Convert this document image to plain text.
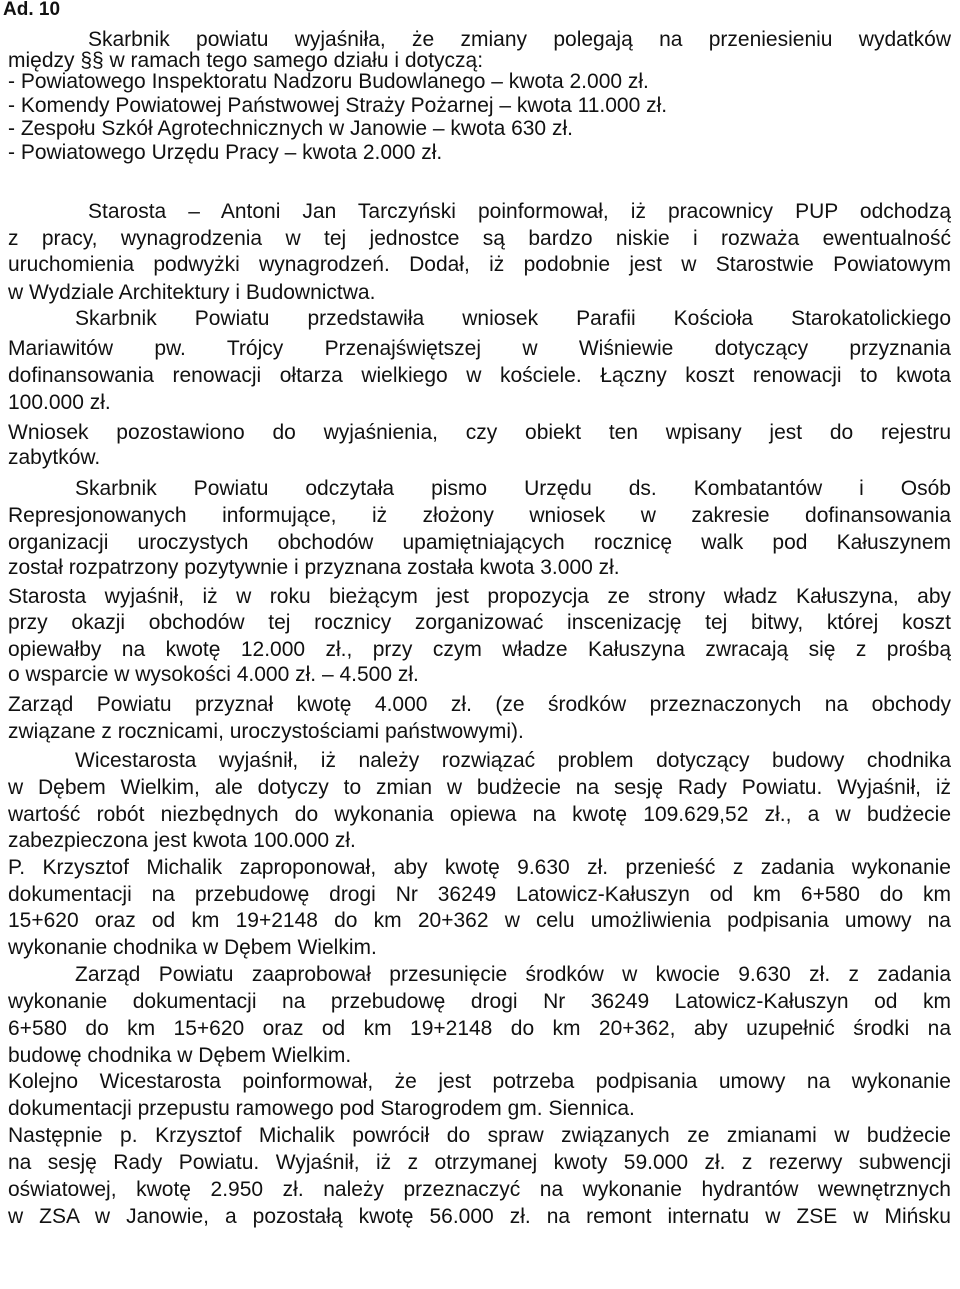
Ad. 10
Skarbnik powiatu wyjaśniła, że zmiany polegają na przeniesieniu wydatków
między §§ w ramach tego samego działu i dotyczą:
- Powiatowego Inspektoratu Nadzoru Budowlanego – kwota 2.000 zł.
- Komendy Powiatowej Państwowej Straży Pożarnej – kwota 11.000 zł.
- Zespołu Szkół Agrotechnicznych w Janowie – kwota 630 zł.
- Powiatowego Urzędu Pracy – kwota 2.000 zł.
Starosta – Antoni Jan Tarczyński poinformował, iż pracownicy PUP odchodzą
z pracy, wynagrodzenia w tej jednostce są bardzo niskie i rozważa ewentualność
uruchomienia podwyżki wynagrodzeń. Dodał, iż podobnie jest w Starostwie Powiatowym
w Wydziale Architektury i Budownictwa.
Skarbnik Powiatu przedstawiła wniosek Parafii Kościoła Starokatolickiego
Mariawitów pw. Trójcy Przenajświętszej w Wiśniewie dotyczący przyznania
dofinansowania renowacji ołtarza wielkiego w kościele. Łączny koszt renowacji to kwota
100.000 zł.
Wniosek pozostawiono do wyjaśnienia, czy obiekt ten wpisany jest do rejestru
zabytków.
Skarbnik Powiatu odczytała pismo Urzędu ds. Kombatantów i Osób
Represjonowanych informujące, iż złożony wniosek w zakresie dofinansowania
organizacji uroczystych obchodów upamiętniających rocznicę walk pod Kałuszynem
został rozpatrzony pozytywnie i przyznana została kwota 3.000 zł.
Starosta wyjaśnił, iż w roku bieżącym jest propozycja ze strony władz Kałuszyna, aby
przy okazji obchodów tej rocznicy zorganizować inscenizację tej bitwy, której koszt
opiewałby na kwotę 12.000 zł., przy czym władze Kałuszyna zwracają się z prośbą
o wsparcie w wysokości 4.000 zł. – 4.500 zł.
Zarząd Powiatu przyznał kwotę 4.000 zł. (ze środków przeznaczonych na obchody
związane z rocznicami, uroczystościami państwowymi).
Wicestarosta wyjaśnił, iż należy rozwiązać problem dotyczący budowy chodnika
w Dębem Wielkim, ale dotyczy to zmian w budżecie na sesję Rady Powiatu. Wyjaśnił, iż
wartość robót niezbędnych do wykonania opiewa na kwotę 109.629,52 zł., a w budżecie
zabezpieczona jest kwota 100.000 zł.
P. Krzysztof Michalik zaproponował, aby kwotę 9.630 zł. przenieść z zadania wykonanie
dokumentacji na przebudowę drogi Nr 36249 Latowicz-Kałuszyn od km 6+580 do km
15+620 oraz od km 19+2148 do km 20+362 w celu umożliwienia podpisania umowy na
wykonanie chodnika w Dębem Wielkim.
Zarząd Powiatu zaaprobował przesunięcie środków w kwocie 9.630 zł. z zadania
wykonanie dokumentacji na przebudowę drogi Nr 36249 Latowicz-Kałuszyn od km
6+580 do km 15+620 oraz od km 19+2148 do km 20+362, aby uzupełnić środki na
budowę chodnika w Dębem Wielkim.
Kolejno Wicestarosta poinformował, że jest potrzeba podpisania umowy na wykonanie
dokumentacji przepustu ramowego pod Starogrodem gm. Siennica.
Następnie p. Krzysztof Michalik powrócił do spraw związanych ze zmianami w budżecie
na sesję Rady Powiatu. Wyjaśnił, iż z otrzymanej kwoty 59.000 zł. z rezerwy subwencji
oświatowej, kwotę 2.950 zł. należy przeznaczyć na wykonanie hydrantów wewnętrznych
w ZSA w Janowie, a pozostałą kwotę 56.000 zł. na remont internatu w ZSE w Mińsku
